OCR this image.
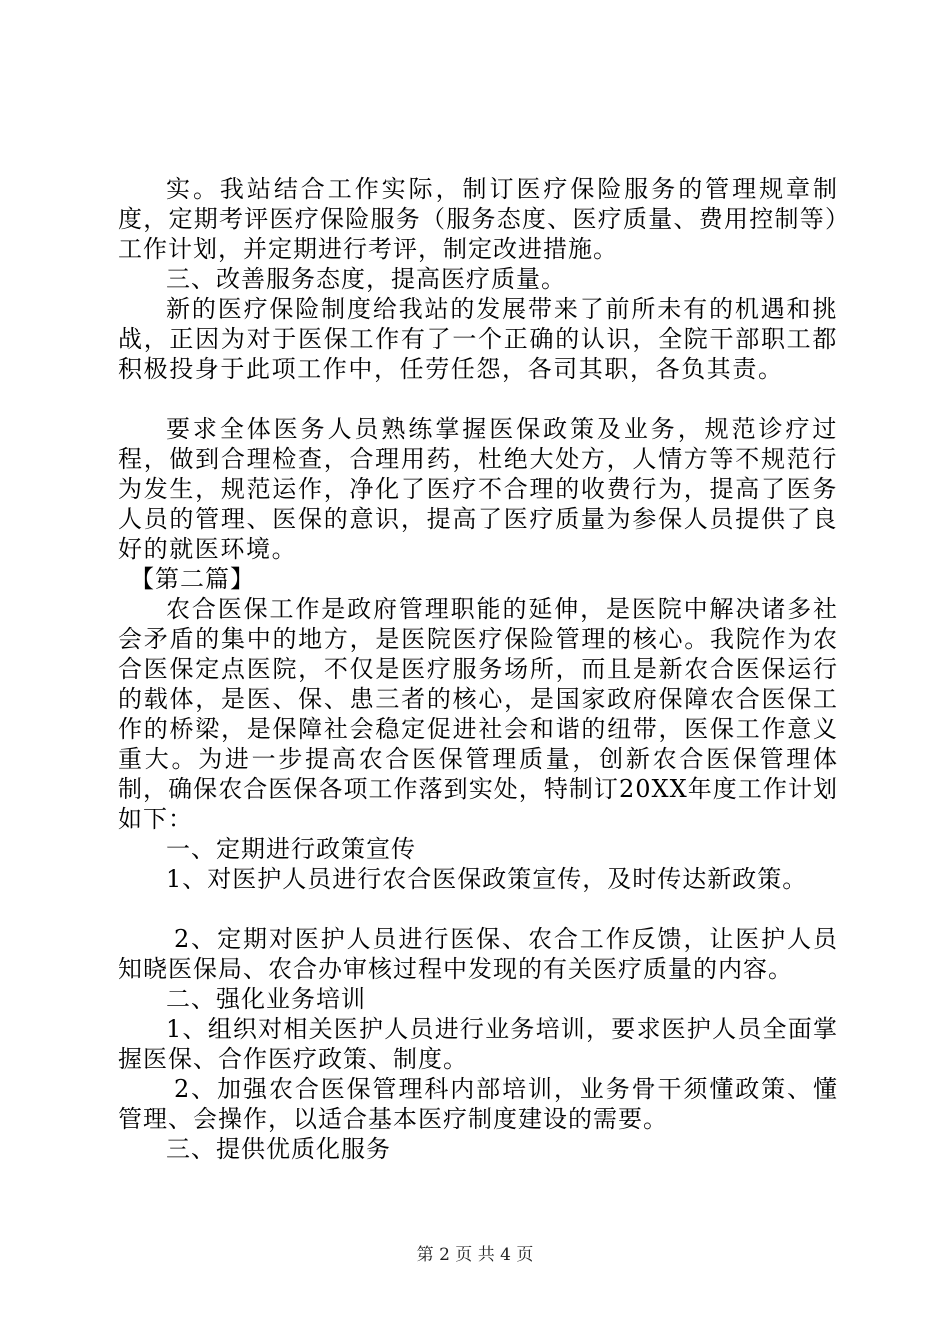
实。我站结合工作实际，制订医疗保险服务的管理规章制度，定期考评医疗保险服务（服务态度、医疗质量、费用控制等）工作计划，并定期进行考评，制定改进措施。

三、改善服务态度，提高医疗质量。

新的医疗保险制度给我站的发展带来了前所未有的机遇和挑战，正因为对于医保工作有了一个正确的认识，全院干部职工都积极投身于此项工作中，任劳任怨，各司其职，各负其责。

要求全体医务人员熟练掌握医保政策及业务，规范诊疗过程，做到合理检查，合理用药，杜绝大处方，人情方等不规范行为发生，规范运作，净化了医疗不合理的收费行为，提高了医务人员的管理、医保的意识，提高了医疗质量为参保人员提供了良好的就医环境。

【第二篇】

农合医保工作是政府管理职能的延伸，是医院中解决诸多社会矛盾的集中的地方，是医院医疗保险管理的核心。我院作为农合医保定点医院，不仅是医疗服务场所，而且是新农合医保运行的载体，是医、保、患三者的核心，是国家政府保障农合医保工作的桥梁，是保障社会稳定促进社会和谐的纽带，医保工作意义重大。为进一步提高农合医保管理质量，创新农合医保管理体制，确保农合医保各项工作落到实处，特制订20XX年度工作计划如下：

一、定期进行政策宣传

1、对医护人员进行农合医保政策宣传，及时传达新政策。

2、定期对医护人员进行医保、农合工作反馈，让医护人员知晓医保局、农合办审核过程中发现的有关医疗质量的内容。

二、强化业务培训

1、组织对相关医护人员进行业务培训，要求医护人员全面掌握医保、合作医疗政策、制度。

2、加强农合医保管理科内部培训，业务骨干须懂政策、懂管理、会操作，以适合基本医疗制度建设的需要。

三、提供优质化服务

第 2 页 共 4 页
